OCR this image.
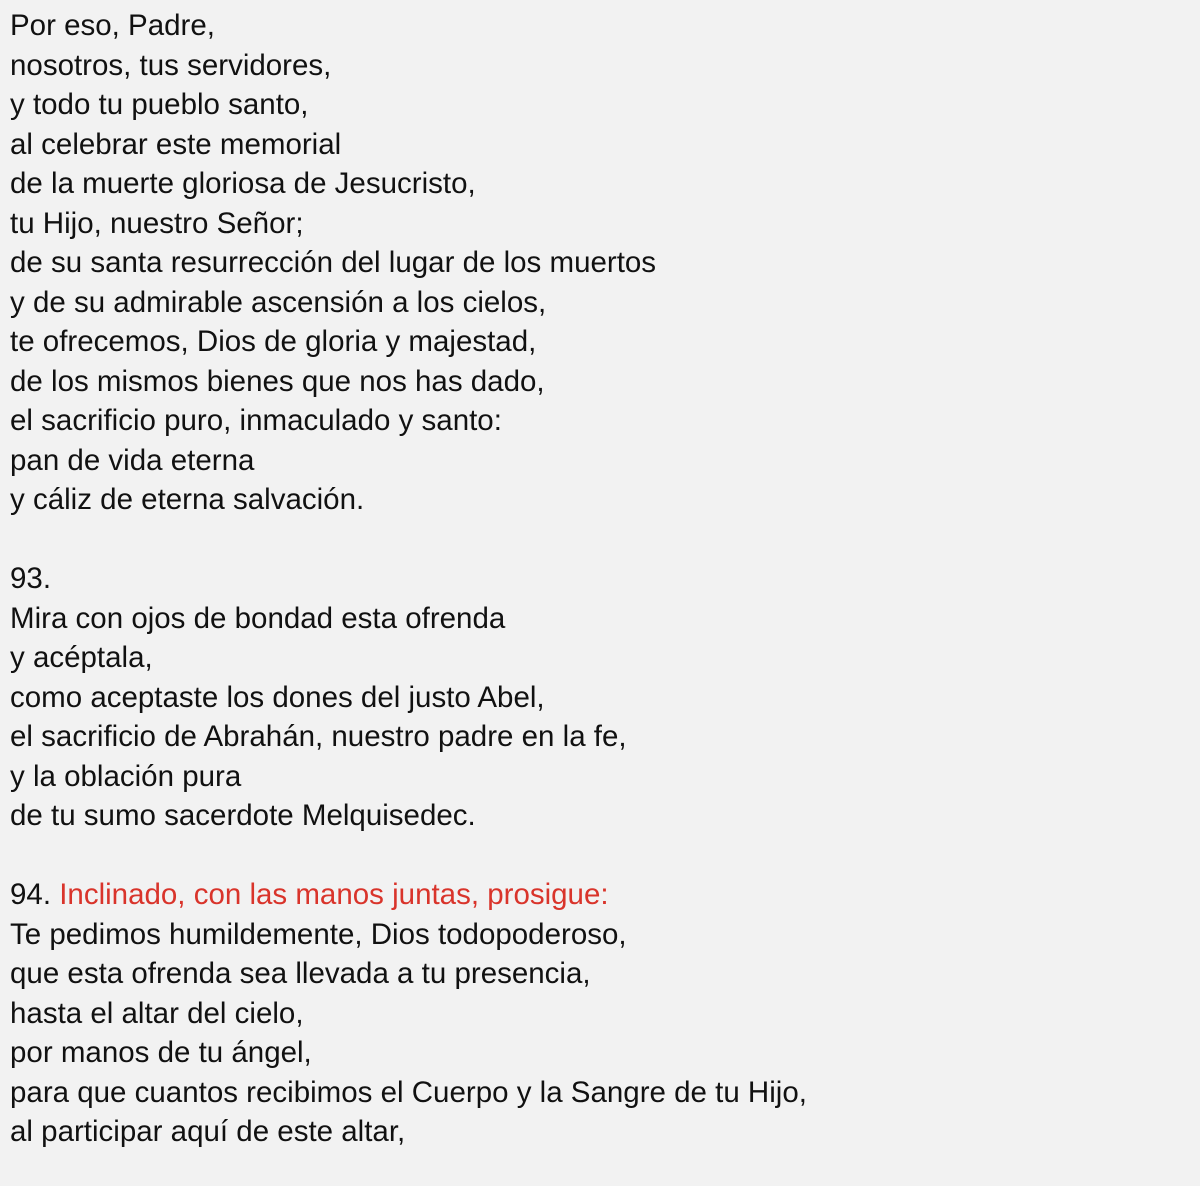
Por eso, Padre,
nosotros, tus servidores,
y todo tu pueblo santo,
al celebrar este memorial
de la muerte gloriosa de Jesucristo,
tu Hijo, nuestro Señor;
de su santa resurrección del lugar de los muertos
y de su admirable ascensión a los cielos,
te ofrecemos, Dios de gloria y majestad,
de los mismos bienes que nos has dado,
el sacrificio puro, inmaculado y santo:
pan de vida eterna
y cáliz de eterna salvación.
93.
Mira con ojos de bondad esta ofrenda
y acéptala,
como aceptaste los dones del justo Abel,
el sacrificio de Abrahán, nuestro padre en la fe,
y la oblación pura
de tu sumo sacerdote Melquisedec.
94. Inclinado, con las manos juntas, prosigue:
Te pedimos humildemente, Dios todopoderoso,
que esta ofrenda sea llevada a tu presencia,
hasta el altar del cielo,
por manos de tu ángel,
para que cuantos recibimos el Cuerpo y la Sangre de tu Hijo,
al participar aquí de este altar,
